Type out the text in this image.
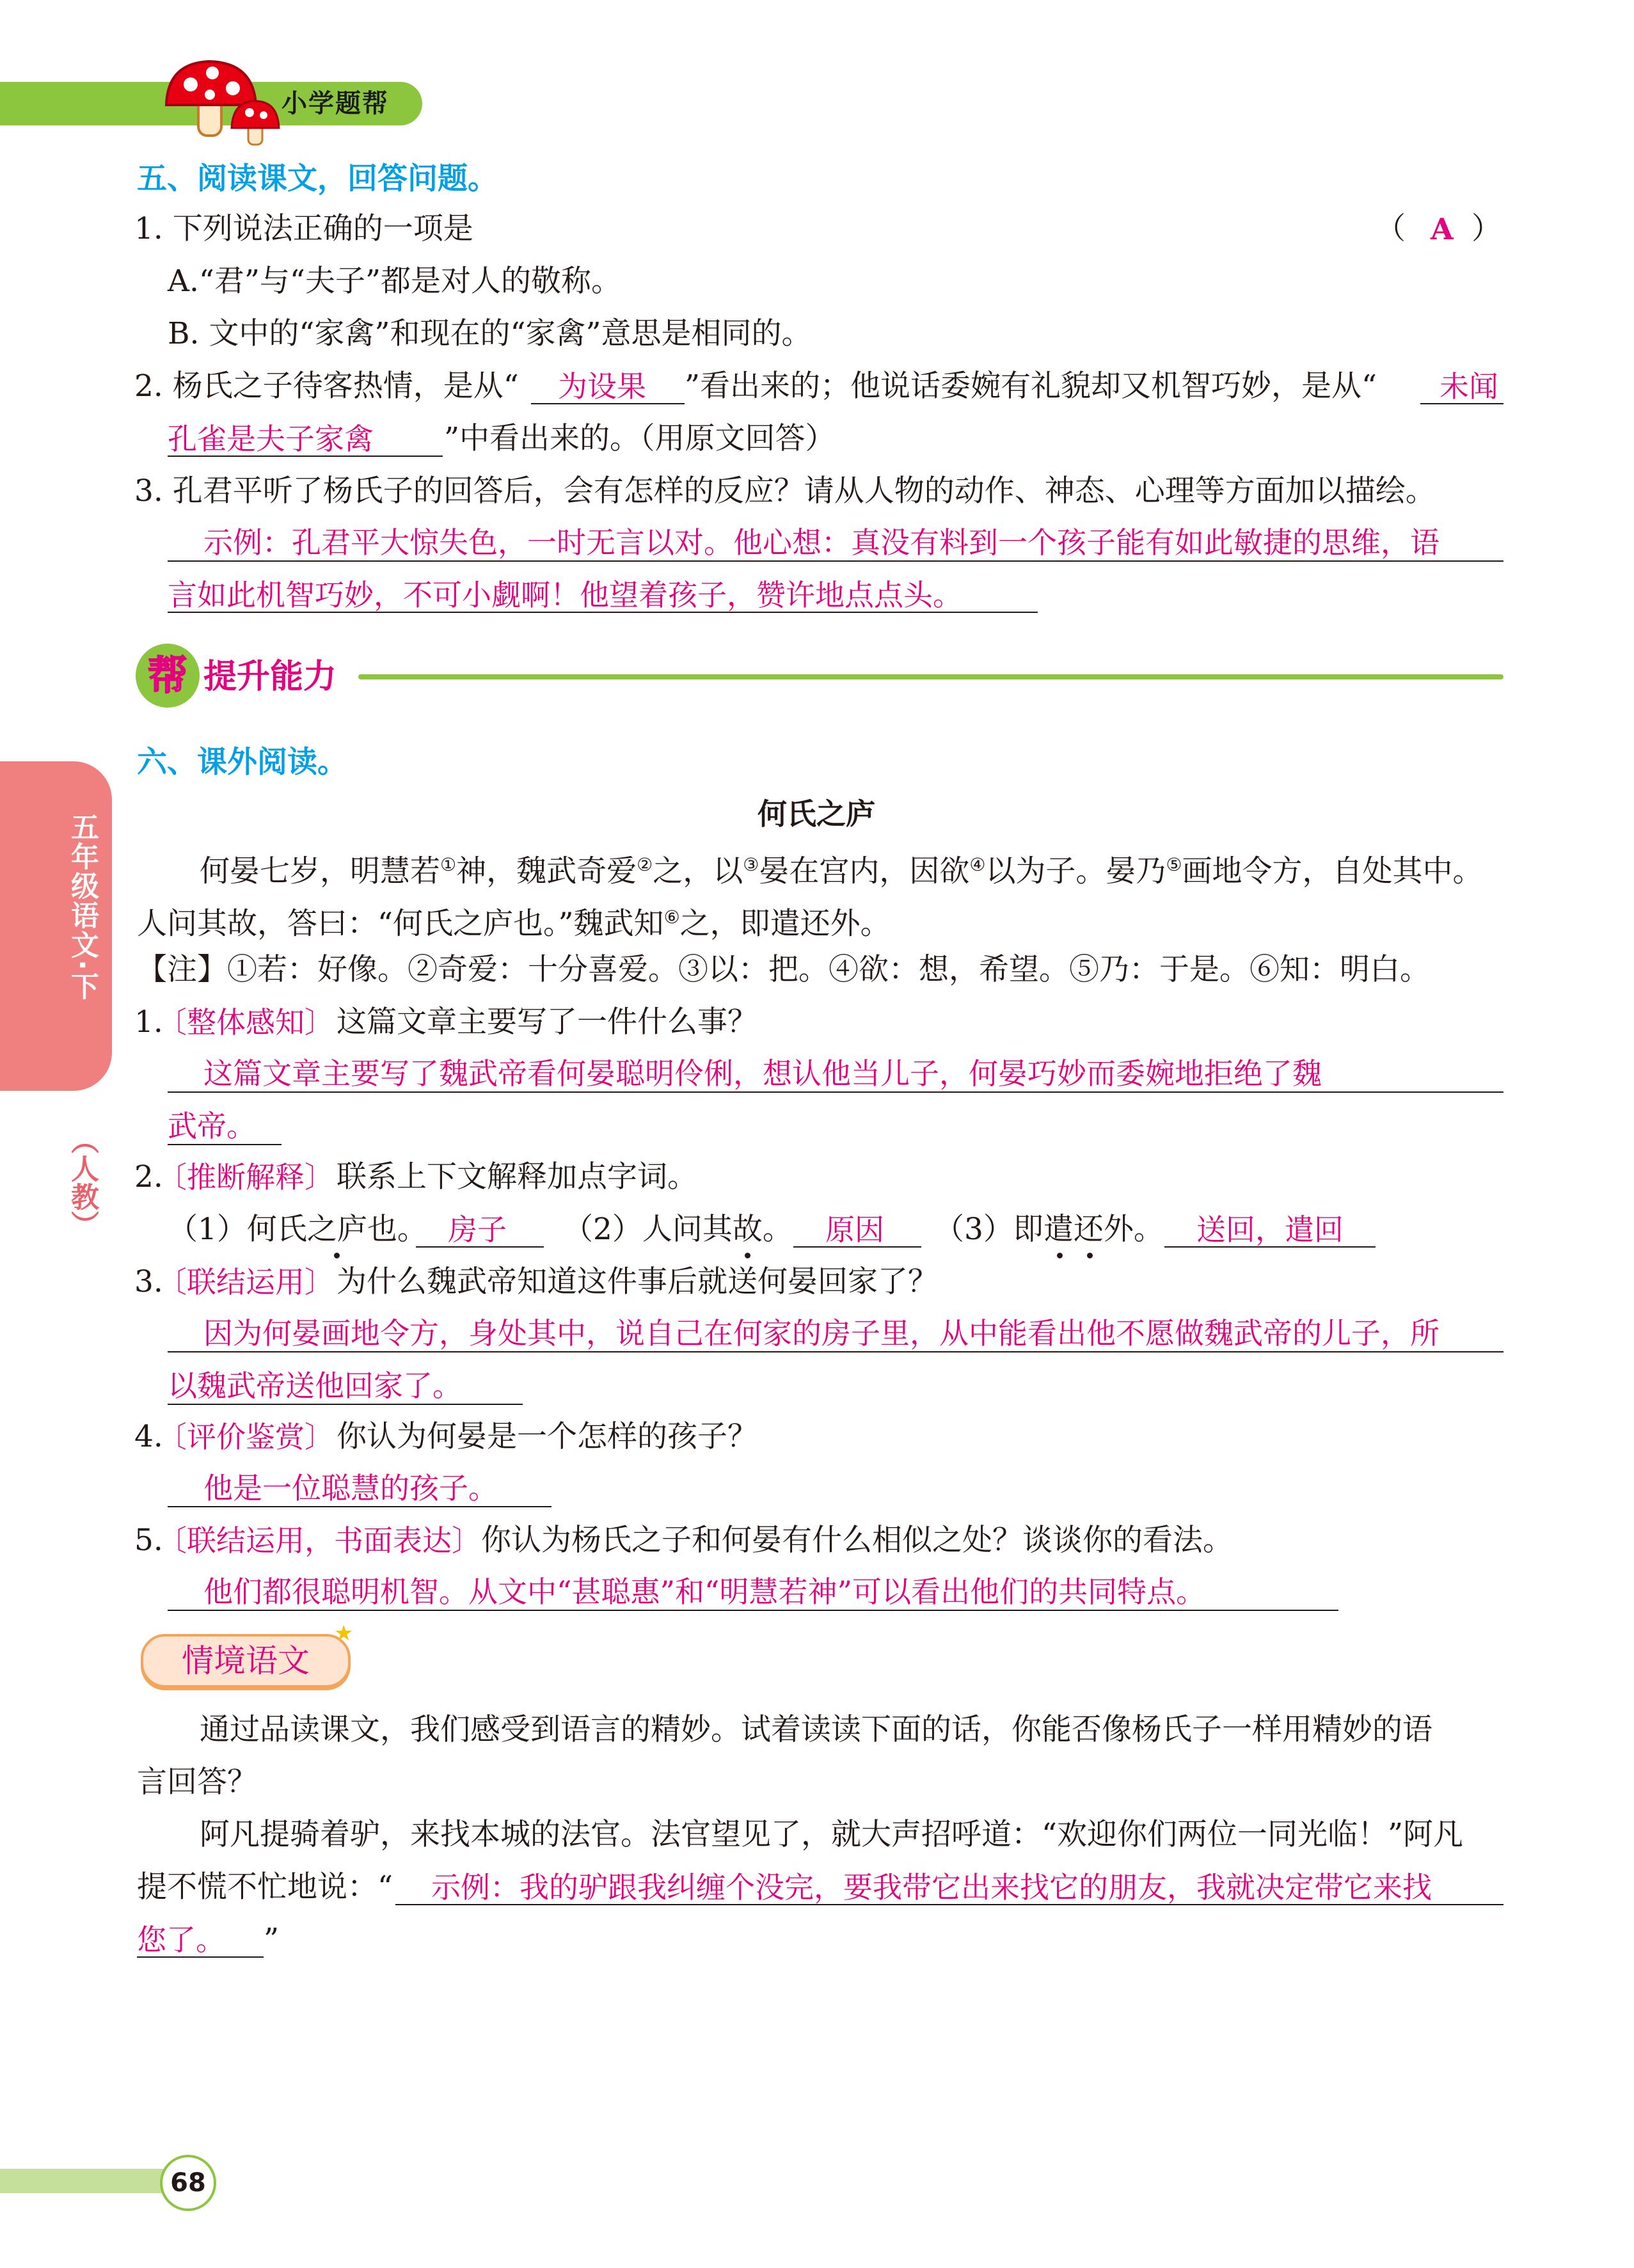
小学题帮
五年级语文·下
（人教）
五、阅读课文，回答问题。
1. 下列说法正确的一项是	（ A ）
A.“君”与“夫子”都是对人的敬称。
B. 文中的“家禽”和现在的“家禽”意思是相同的。
2. 杨氏之子待客热情，是从“ 为设果 ”看出来的；他说话委婉有礼貌却又机智巧妙，是从“ 未闻
孔雀是夫子家禽 ”中看出来的。（用原文回答）
3. 孔君平听了杨氏子的回答后，会有怎样的反应？请从人物的动作、神态、心理等方面加以描绘。
示例：孔君平大惊失色，一时无言以对。他心想：真没有料到一个孩子能有如此敏捷的思维，语
言如此机智巧妙，不可小觑啊！他望着孩子，赞许地点点头。
帮 提升能力
六、课外阅读。
何氏之庐
何晏七岁，明慧若①神，魏武奇爱②之，以③晏在宫内，因欲④以为子。晏乃⑤画地令方，自处其中。
人问其故，答曰：“何氏之庐也。”魏武知⑥之，即遣还外。
【注】①若：好像。②奇爱：十分喜爱。③以：把。④欲：想，希望。⑤乃：于是。⑥知：明白。
1.
〔整体感知〕 这篇文章主要写了一件什么事？
这篇文章主要写了魏武帝看何晏聪明伶俐，想认他当儿子，何晏巧妙而委婉地拒绝了魏
武帝。
2.
〔推断解释〕 联系上下文解释加点字词。
（1）何氏之庐也。 房子 （2）人问其故。 原因 （3）即遣还外。 送回，遣回
3.
〔联结运用〕 为什么魏武帝知道这件事后就送何晏回家了？
因为何晏画地令方，身处其中，说自己在何家的房子里，从中能看出他不愿做魏武帝的儿子，所
以魏武帝送他回家了。
4.
〔评价鉴赏〕 你认为何晏是一个怎样的孩子？
他是一位聪慧的孩子。
5.
〔联结运用，书面表达〕 你认为杨氏之子和何晏有什么相似之处？谈谈你的看法。
他们都很聪明机智。从文中“甚聪惠”和“明慧若神”可以看出他们的共同特点。
情境语文
★
通过品读课文，我们感受到语言的精妙。试着读读下面的话，你能否像杨氏子一样用精妙的语
言回答？
阿凡提骑着驴，来找本城的法官。法官望见了，就大声招呼道：“欢迎你们两位一同光临！”阿凡
提不慌不忙地说：“ 示例：我的驴跟我纠缠个没完，要我带它出来找它的朋友，我就决定带它来找
您了。 ”
68
